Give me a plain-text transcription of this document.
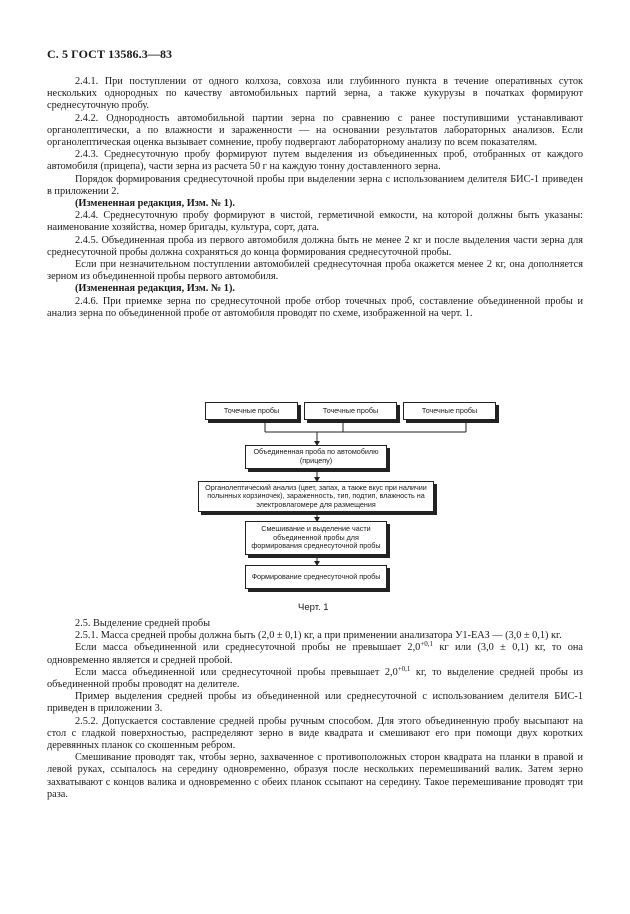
С. 5 ГОСТ 13586.3—83

2.4.1. При поступлении от одного колхоза, совхоза или глубинного пункта в течение оперативных суток нескольких однородных по качеству автомобильных партий зерна, а также кукурузы в початках формируют среднесуточную пробу.

2.4.2. Однородность автомобильной партии зерна по сравнению с ранее поступившими устанавливают органолептически, а по влажности и зараженности — на основании результатов лабораторных анализов. Если органолептическая оценка вызывает сомнение, пробу подвергают лабораторному анализу по всем показателям.

2.4.3. Среднесуточную пробу формируют путем выделения из объединенных проб, отобранных от каждого автомобиля (прицепа), части зерна из расчета 50 г на каждую тонну доставленного зерна.

Порядок формирования среднесуточной пробы при выделении зерна с использованием делителя БИС-1 приведен в приложении 2.

(Измененная редакция, Изм. № 1).

2.4.4. Среднесуточную пробу формируют в чистой, герметичной емкости, на которой должны быть указаны: наименование хозяйства, номер бригады, культура, сорт, дата.

2.4.5. Объединенная проба из первого автомобиля должна быть не менее 2 кг и после выделения части зерна для среднесуточной пробы должна сохраняться до конца формирования среднесуточной пробы.

Если при незначительном поступлении автомобилей среднесуточная проба окажется менее 2 кг, она дополняется зерном из объединенной пробы первого автомобиля.

(Измененная редакция, Изм. № 1).

2.4.6. При приемке зерна по среднесуточной пробе отбор точечных проб, составление объединенной пробы и анализ зерна по объединенной пробе от автомобиля проводят по схеме, изображенной на черт. 1.

Точечные пробы	Точечные пробы	Точечные пробы
Объединенная проба по автомобилю (прицепу)
Органолептический анализ (цвет, запах, а также вкус при наличии полынных корзиночек), зараженность, тип, подтип, влажность на электровлагомере для размещения
Смешивание и выделение части объединенной пробы для формирования среднесуточной пробы
Формирование среднесуточной пробы
Черт. 1

2.5. Выделение средней пробы

2.5.1. Масса средней пробы должна быть (2,0 ± 0,1) кг, а при применении анализатора У1-ЕАЗ — (3,0 ± 0,1) кг.

Если масса объединенной или среднесуточной пробы не превышает $2,0^{+0,1}$ кг или (3,0 ± 0,1) кг, то она одновременно является и средней пробой.

Если масса объединенной или среднесуточной пробы превышает $2,0^{+0,1}$ кг, то выделение средней пробы из объединенной пробы проводят на делителе.

Пример выделения средней пробы из объединенной или среднесуточной с использованием делителя БИС-1 приведен в приложении 3.

2.5.2. Допускается составление средней пробы ручным способом. Для этого объединенную пробу высыпают на стол с гладкой поверхностью, распределяют зерно в виде квадрата и смешивают его при помощи двух коротких деревянных планок со скошенным ребром.

Смешивание проводят так, чтобы зерно, захваченное с противоположных сторон квадрата на планки в правой и левой руках, ссыпалось на середину одновременно, образуя после нескольких перемешиваний валик. Затем зерно захватывают с концов валика и одновременно с обеих планок ссыпают на середину. Такое перемешивание проводят три раза.
